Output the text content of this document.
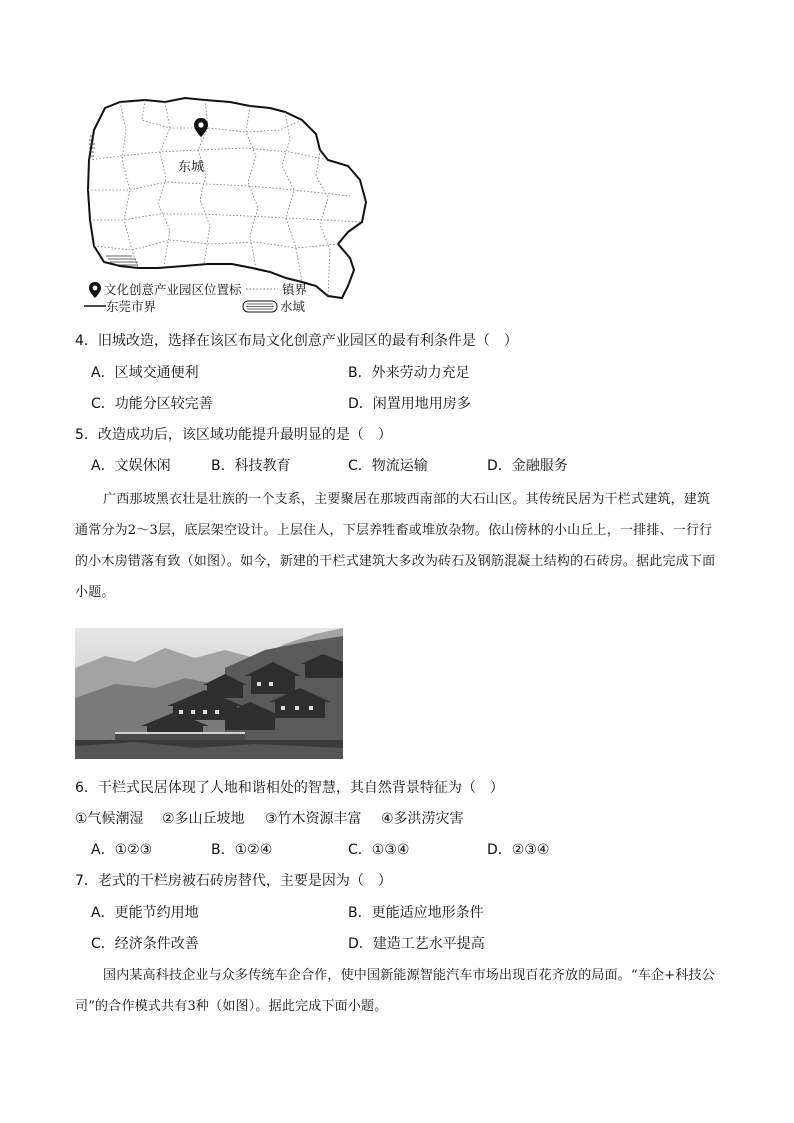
东城
文化创意产业园区位置标	镇界
东莞市界	水域
4．旧城改造，选择在该区布局文化创意产业园区的最有利条件是（　）
A．区域交通便利	B．外来劳动力充足
C．功能分区较完善	D．闲置用地用房多
5．改造成功后，该区域功能提升最明显的是（　）
A．文娱休闲	B．科技教育	C．物流运输	D．金融服务
广西那坡黑衣壮是壮族的一个支系，主要聚居在那坡西南部的大石山区。其传统民居为干栏式建筑，建筑通常分为2～3层，底层架空设计。上层住人，下层养牲畜或堆放杂物。依山傍林的小山丘上，一排排、一行行的小木房错落有致（如图）。如今，新建的干栏式建筑大多改为砖石及钢筋混凝土结构的石砖房。据此完成下面小题。
6．干栏式民居体现了人地和谐相处的智慧，其自然背景特征为（　）
①气候潮湿 ②多山丘坡地 ③竹木资源丰富 ④多洪涝灾害
A．①②③	B．①②④	C．①③④	D．②③④
7．老式的干栏房被石砖房替代，主要是因为（　）
A．更能节约用地	B．更能适应地形条件
C．经济条件改善	D．建造工艺水平提高
国内某高科技企业与众多传统车企合作，使中国新能源智能汽车市场出现百花齐放的局面。“车企+科技公司”的合作模式共有3种（如图）。据此完成下面小题。
